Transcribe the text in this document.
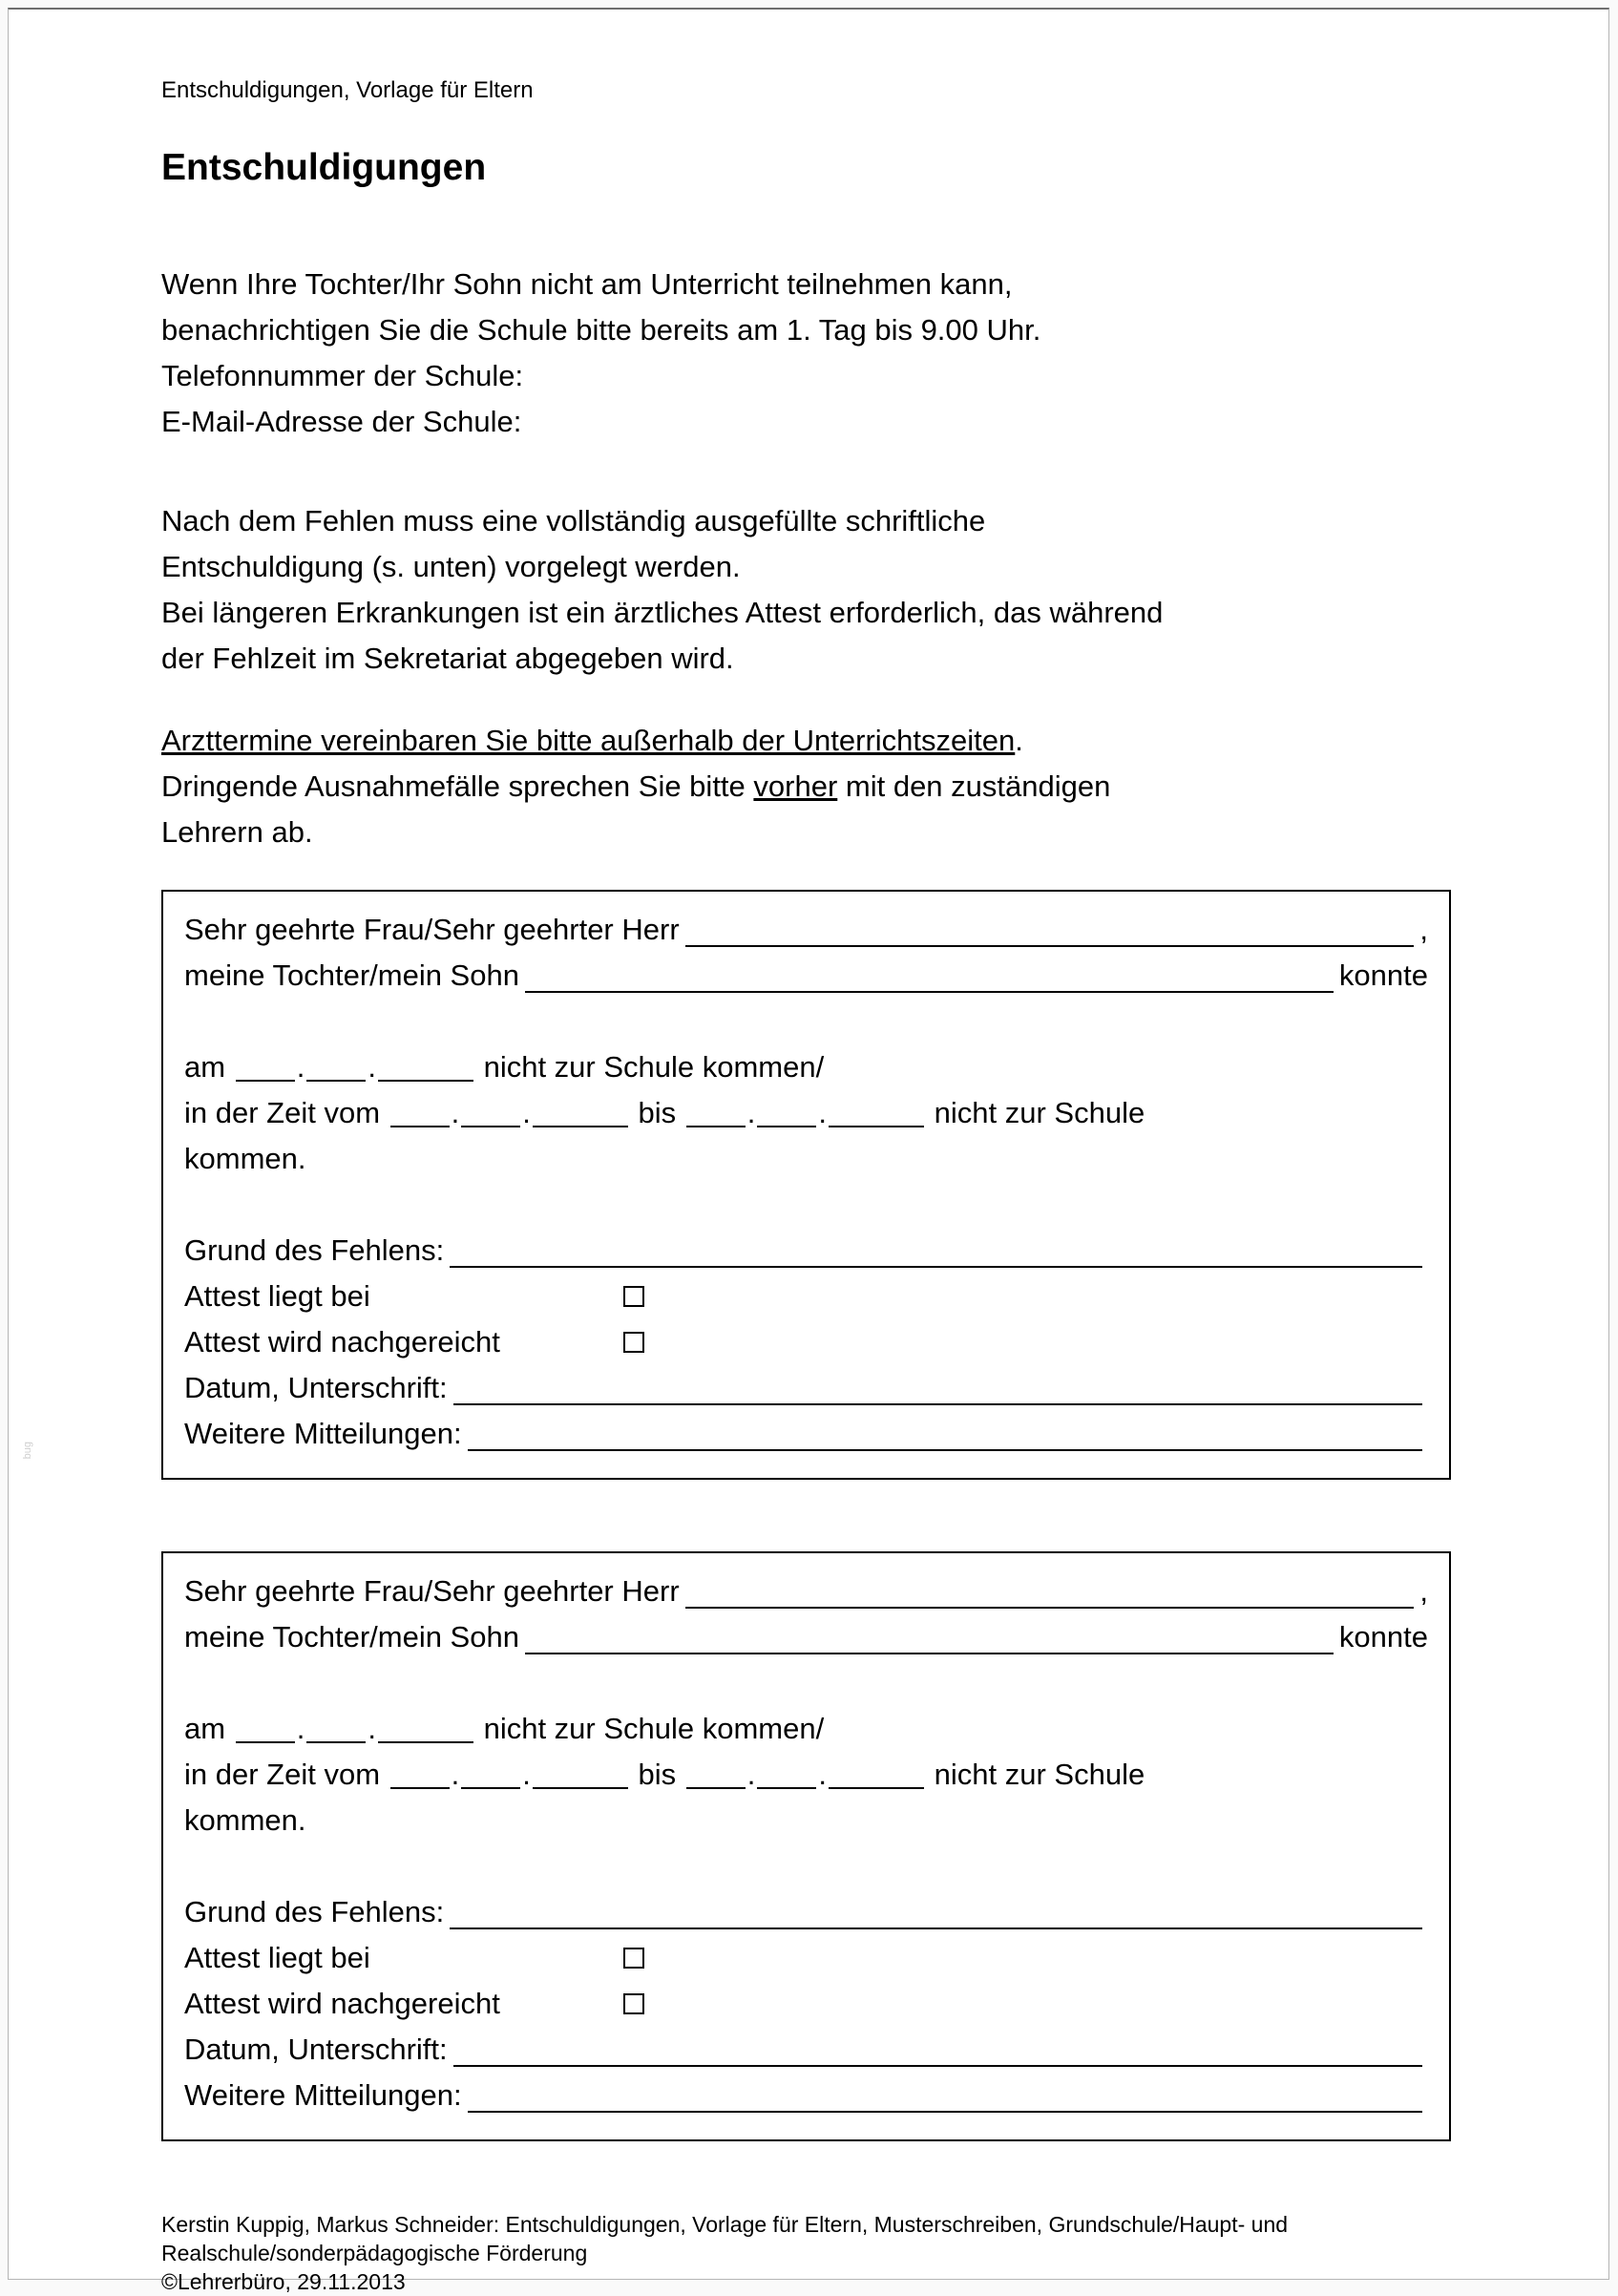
Entschuldigungen, Vorlage für Eltern
Entschuldigungen
Wenn Ihre Tochter/Ihr Sohn nicht am Unterricht teilnehmen kann,
benachrichtigen Sie die Schule bitte bereits am 1. Tag bis 9.00 Uhr.
Telefonnummer der Schule:
E-Mail-Adresse der Schule:
Nach dem Fehlen muss eine vollständig ausgefüllte schriftliche
Entschuldigung (s. unten) vorgelegt werden.
Bei längeren Erkrankungen ist ein ärztliches Attest erforderlich, das während
der Fehlzeit im Sekretariat abgegeben wird.
Arzttermine vereinbaren Sie bitte außerhalb der Unterrichtszeiten.
Dringende Ausnahmefälle sprechen Sie bitte vorher mit den zuständigen
Lehrern ab.
Sehr geehrte Frau/Sehr geehrter Herr	,
meine Tochter/mein Sohn	konnte
am . .	nicht zur Schule kommen/
in der Zeit vom . .	bis . .	nicht zur Schule
kommen.
Grund des Fehlens:
Attest liegt bei
Attest wird nachgereicht
Datum, Unterschrift:
Weitere Mitteilungen:
Sehr geehrte Frau/Sehr geehrter Herr	,
meine Tochter/mein Sohn	konnte
am . .	nicht zur Schule kommen/
in der Zeit vom . .	bis . .	nicht zur Schule
kommen.
Grund des Fehlens:
Attest liegt bei
Attest wird nachgereicht
Datum, Unterschrift:
Weitere Mitteilungen:
Kerstin Kuppig, Markus Schneider: Entschuldigungen, Vorlage für Eltern, Musterschreiben, Grundschule/Haupt- und
Realschule/sonderpädagogische Förderung
©Lehrerbüro, 29.11.2013
bug
